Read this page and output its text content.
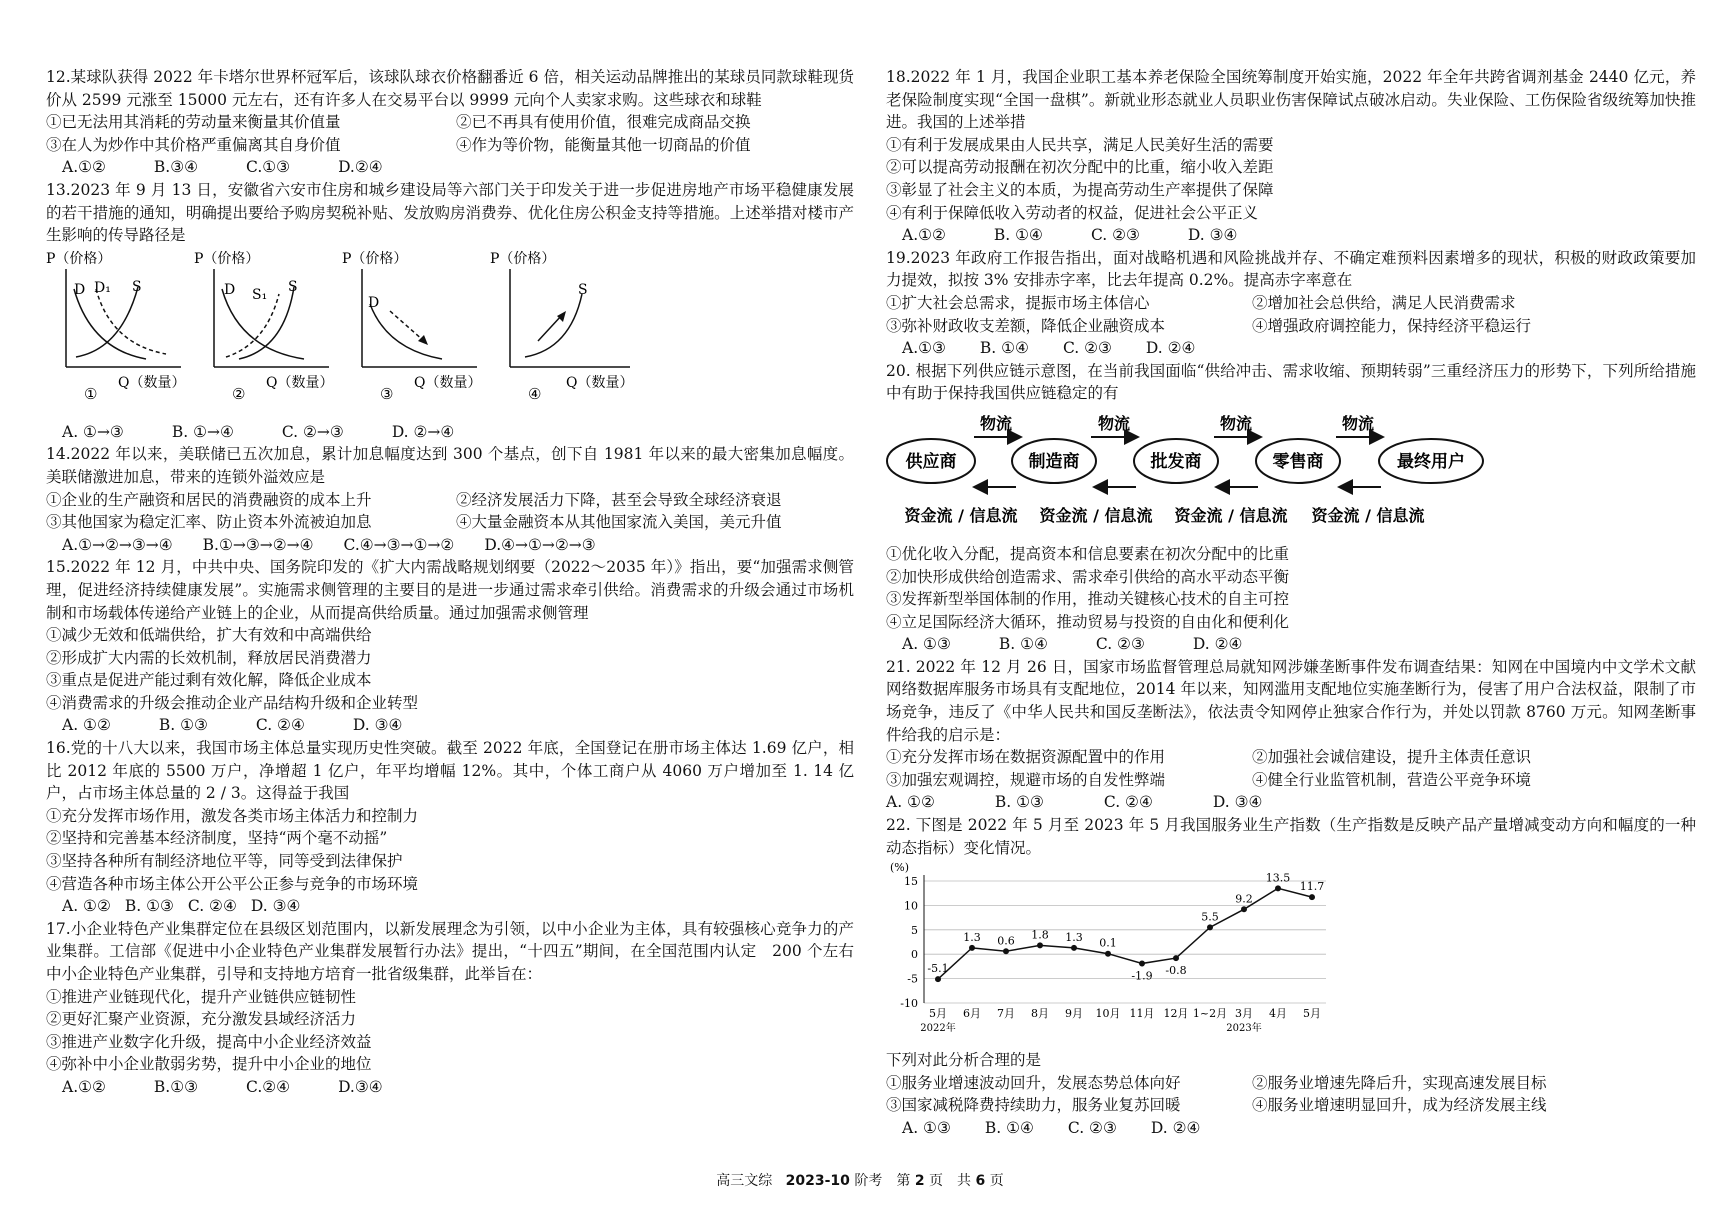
12.某球队获得 2022 年卡塔尔世界杯冠军后，该球队球衣价格翻番近 6 倍，相关运动品牌推出的某球员同款球鞋现货价从 2599 元涨至 15000 元左右，还有许多人在交易平台以 9999 元向个人卖家求购。这些球衣和球鞋

①已无法用其消耗的劳动量来衡量其价值量	②已不再具有使用价值，很难完成商品交换
③在人为炒作中其价格严重偏离其自身价值	④作为等价物，能衡量其他一切商品的价值
A.①②	B.③④	C.①③	D.②④

13.2023 年 9 月 13 日，安徽省六安市住房和城乡建设局等六部门关于印发关于进一步促进房地产市场平稳健康发展的若干措施的通知，明确提出要给予购房契税补贴、发放购房消费券、优化住房公积金支持等措施。上述举措对楼市产生影响的传导路径是

P（价格）
D D₁ S
Q（数量）
①
P（价格）
D S₁ S
Q（数量）
②
P（价格）
D
Q（数量）
③
P（价格）
S
Q（数量）
④
A. ①→③	B. ①→④	C. ②→③	D. ②→④

14.2022 年以来，美联储已五次加息，累计加息幅度达到 300 个基点，创下自 1981 年以来的最大密集加息幅度。美联储激进加息，带来的连锁外溢效应是

①企业的生产融资和居民的消费融资的成本上升	②经济发展活力下降，甚至会导致全球经济衰退
③其他国家为稳定汇率、防止资本外流被迫加息	④大量金融资本从其他国家流入美国，美元升值
A.①→②→③→④ B.①→③→②→④ C.④→③→①→② D.④→①→②→③

15.2022 年 12 月，中共中央、国务院印发的《扩大内需战略规划纲要（2022～2035 年）》指出，要“加强需求侧管理，促进经济持续健康发展”。实施需求侧管理的主要目的是进一步通过需求牵引供给。消费需求的升级会通过市场机制和市场载体传递给产业链上的企业，从而提高供给质量。通过加强需求侧管理

①减少无效和低端供给，扩大有效和中高端供给

②形成扩大内需的长效机制，释放居民消费潜力

③重点是促进产能过剩有效化解，降低企业成本

④消费需求的升级会推动企业产品结构升级和企业转型

A. ①②	B. ①③	C. ②④	D. ③④

16.党的十八大以来，我国市场主体总量实现历史性突破。截至 2022 年底，全国登记在册市场主体达 1.69 亿户，相比 2012 年底的 5500 万户，净增超 1 亿户，年平均增幅 12%。其中，个体工商户从 4060 万户增加至 1. 14 亿户，占市场主体总量的 2 / 3。这得益于我国

①充分发挥市场作用，激发各类市场主体活力和控制力

②坚持和完善基本经济制度，坚持“两个毫不动摇”

③坚持各种所有制经济地位平等，同等受到法律保护

④营造各种市场主体公开公平公正参与竞争的市场环境

A. ①② B. ①③ C. ②④ D. ③④

17.小企业特色产业集群定位在县级区划范围内，以新发展理念为引领，以中小企业为主体，具有较强核心竞争力的产业集群。工信部《促进中小企业特色产业集群发展暂行办法》提出，“十四五”期间，在全国范围内认定　200 个左右中小企业特色产业集群，引导和支持地方培育一批省级集群，此举旨在：

①推进产业链现代化，提升产业链供应链韧性

②更好汇聚产业资源，充分激发县域经济活力

③推进产业数字化升级，提高中小企业经济效益

④弥补中小企业散弱劣势，提升中小企业的地位

A.①②	B.①③	C.②④	D.③④

18.2022 年 1 月，我国企业职工基本养老保险全国统筹制度开始实施，2022 年全年共跨省调剂基金 2440 亿元，养老保险制度实现“全国一盘棋”。新就业形态就业人员职业伤害保障试点破冰启动。失业保险、工伤保险省级统筹加快推进。我国的上述举措

①有利于发展成果由人民共享，满足人民美好生活的需要

②可以提高劳动报酬在初次分配中的比重，缩小收入差距

③彰显了社会主义的本质，为提高劳动生产率提供了保障

④有利于保障低收入劳动者的权益，促进社会公平正义

A.①②	B. ①④	C. ②③	D. ③④

19.2023 年政府工作报告指出，面对战略机遇和风险挑战并存、不确定难预料因素增多的现状，积极的财政政策要加力提效，拟按 3% 安排赤字率，比去年提高 0.2%。提高赤字率意在

①扩大社会总需求，提振市场主体信心	②增加社会总供给，满足人民消费需求
③弥补财政收支差额，降低企业融资成本	④增强政府调控能力，保持经济平稳运行
A.①③ B. ①④ C. ②③ D. ②④

20. 根据下列供应链示意图，在当前我国面临“供给冲击、需求收缩、预期转弱”三重经济压力的形势下，下列所给措施中有助于保持我国供应链稳定的有

物流	物流	物流	物流
供应商	制造商	批发商	零售商	最终用户
资金流 / 信息流 资金流 / 信息流 资金流 / 信息流 资金流 / 信息流

①优化收入分配，提高资本和信息要素在初次分配中的比重

②加快形成供给创造需求、需求牵引供给的高水平动态平衡

③发挥新型举国体制的作用，推动关键核心技术的自主可控

④立足国际经济大循环，推动贸易与投资的自由化和便利化

A. ①③	B. ①④	C. ②③	D. ②④

21. 2022 年 12 月 26 日，国家市场监督管理总局就知网涉嫌垄断事件发布调查结果：知网在中国境内中文学术文献网络数据库服务市场具有支配地位，2014 年以来，知网滥用支配地位实施垄断行为，侵害了用户合法权益，限制了市场竞争，违反了《中华人民共和国反垄断法》，依法责令知网停止独家合作行为，并处以罚款 8760 万元。知网垄断事件给我的启示是：

①充分发挥市场在数据资源配置中的作用	②加强社会诚信建设，提升主体责任意识
③加强宏观调控，规避市场的自发性弊端	④健全行业监管机制，营造公平竞争环境
A. ①②	B. ①③	C. ②④	D. ③④

22. 下图是 2022 年 5 月至 2023 年 5 月我国服务业生产指数（生产指数是反映产品产量增减变动方向和幅度的一种动态指标）变化情况。

(%)
15
10
5
0
-5
-10
-5.1
5月
1.3
6月
0.6
7月
1.8
8月
1.3
9月
0.1
10月
-1.9
11月
-0.8
12月
5.5
1~2月
9.2
3月
13.5
4月
11.7
5月
2022年	2023年

下列对此分析合理的是

①服务业增速波动回升，发展态势总体向好	②服务业增速先降后升，实现高速发展目标
③国家减税降费持续助力，服务业复苏回暖	④服务业增速明显回升，成为经济发展主线
A. ①③ B. ①④ C. ②③ D. ②④
高三文综 2023-10 阶考　第 2 页　共 6 页
